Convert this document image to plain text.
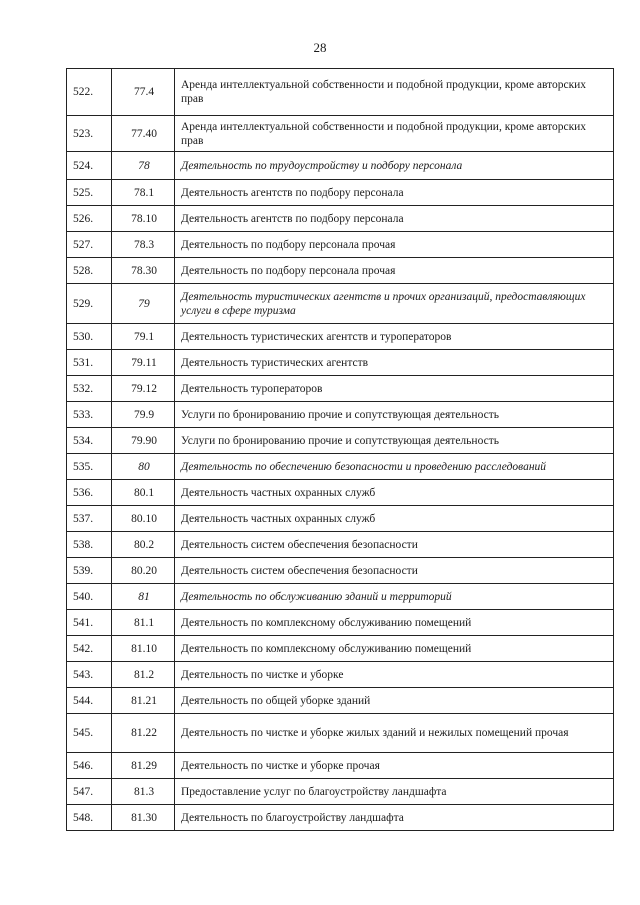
28
522.	77.4	Аренда интеллектуальной собственности и подобной продукции, кроме авторских прав
523.	77.40	Аренда интеллектуальной собственности и подобной продукции, кроме авторских прав
524.	78	Деятельность по трудоустройству и подбору персонала
525.	78.1	Деятельность агентств по подбору персонала
526.	78.10	Деятельность агентств по подбору персонала
527.	78.3	Деятельность по подбору персонала прочая
528.	78.30	Деятельность по подбору персонала прочая
529.	79	Деятельность туристических агентств и прочих организаций, предоставляющих услуги в сфере туризма
530.	79.1	Деятельность туристических агентств и туроператоров
531.	79.11	Деятельность туристических агентств
532.	79.12	Деятельность туроператоров
533.	79.9	Услуги по бронированию прочие и сопутствующая деятельность
534.	79.90	Услуги по бронированию прочие и сопутствующая деятельность
535.	80	Деятельность по обеспечению безопасности и проведению расследований
536.	80.1	Деятельность частных охранных служб
537.	80.10	Деятельность частных охранных служб
538.	80.2	Деятельность систем обеспечения безопасности
539.	80.20	Деятельность систем обеспечения безопасности
540.	81	Деятельность по обслуживанию зданий и территорий
541.	81.1	Деятельность по комплексному обслуживанию помещений
542.	81.10	Деятельность по комплексному обслуживанию помещений
543.	81.2	Деятельность по чистке и уборке
544.	81.21	Деятельность по общей уборке зданий
545.	81.22	Деятельность по чистке и уборке жилых зданий и нежилых помещений прочая
546.	81.29	Деятельность по чистке и уборке прочая
547.	81.3	Предоставление услуг по благоустройству ландшафта
548.	81.30	Деятельность по благоустройству ландшафта
